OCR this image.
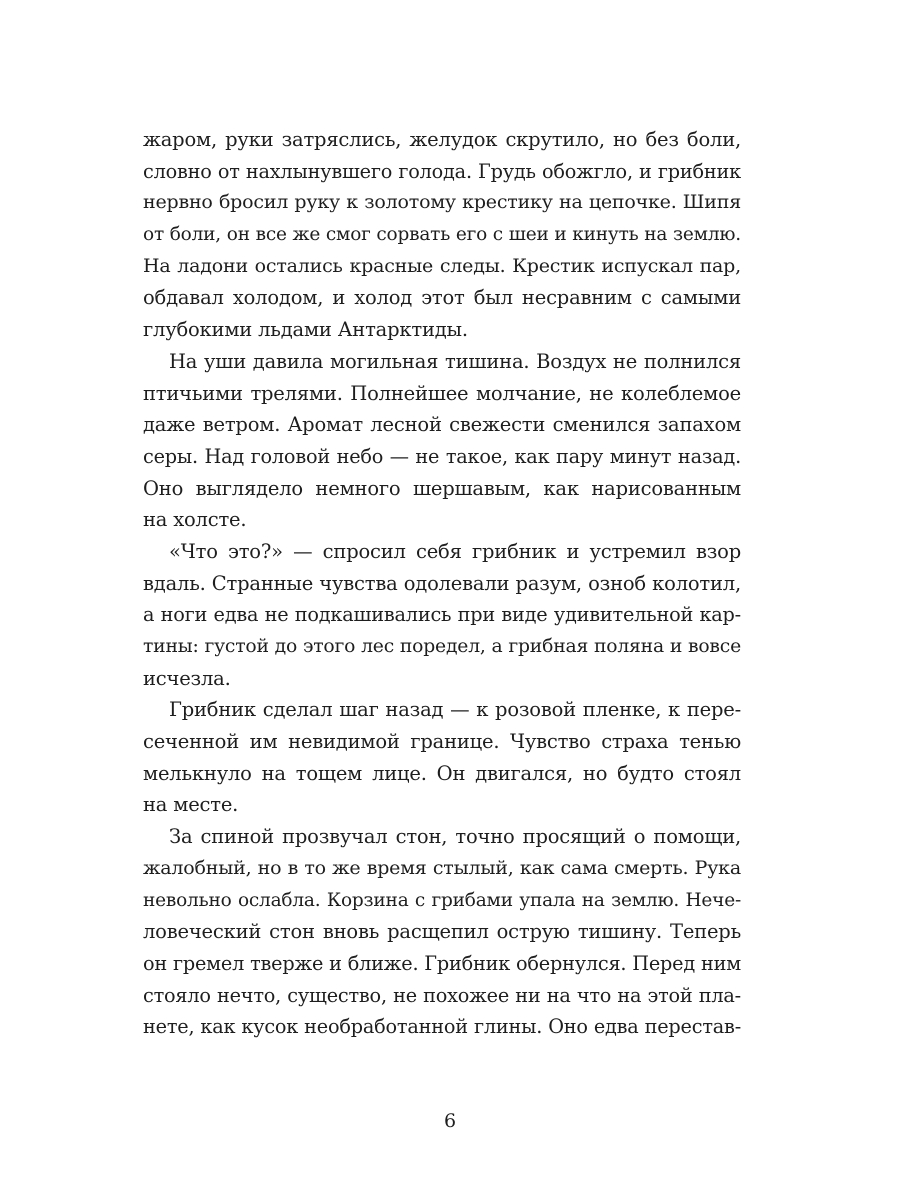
жаром, руки затряслись, желудок скрутило, но без боли,
словно от нахлынувшего голода. Грудь обожгло, и грибник
нервно бросил руку к золотому крестику на цепочке. Шипя
от боли, он все же смог сорвать его с шеи и кинуть на землю.
На ладони остались красные следы. Крестик испускал пар,
обдавал холодом, и холод этот был несравним с самыми
глубокими льдами Антарктиды.
На уши давила могильная тишина. Воздух не полнился
птичьими трелями. Полнейшее молчание, не колеблемое
даже ветром. Аромат лесной свежести сменился запахом
серы. Над головой небо — не такое, как пару минут назад.
Оно выглядело немного шершавым, как нарисованным
на холсте.
«Что это?» — спросил себя грибник и устремил взор
вдаль. Странные чувства одолевали разум, озноб колотил,
а ноги едва не подкашивались при виде удивительной кар-
тины: густой до этого лес поредел, а грибная поляна и вовсе
исчезла.
Грибник сделал шаг назад — к розовой пленке, к пере-
сеченной им невидимой границе. Чувство страха тенью
мелькнуло на тощем лице. Он двигался, но будто стоял
на месте.
За спиной прозвучал стон, точно просящий о помощи,
жалобный, но в то же время стылый, как сама смерть. Рука
невольно ослабла. Корзина с грибами упала на землю. Нече-
ловеческий стон вновь расщепил острую тишину. Теперь
он гремел тверже и ближе. Грибник обернулся. Перед ним
стояло нечто, существо, не похожее ни на что на этой пла-
нете, как кусок необработанной глины. Оно едва перестав-
6
